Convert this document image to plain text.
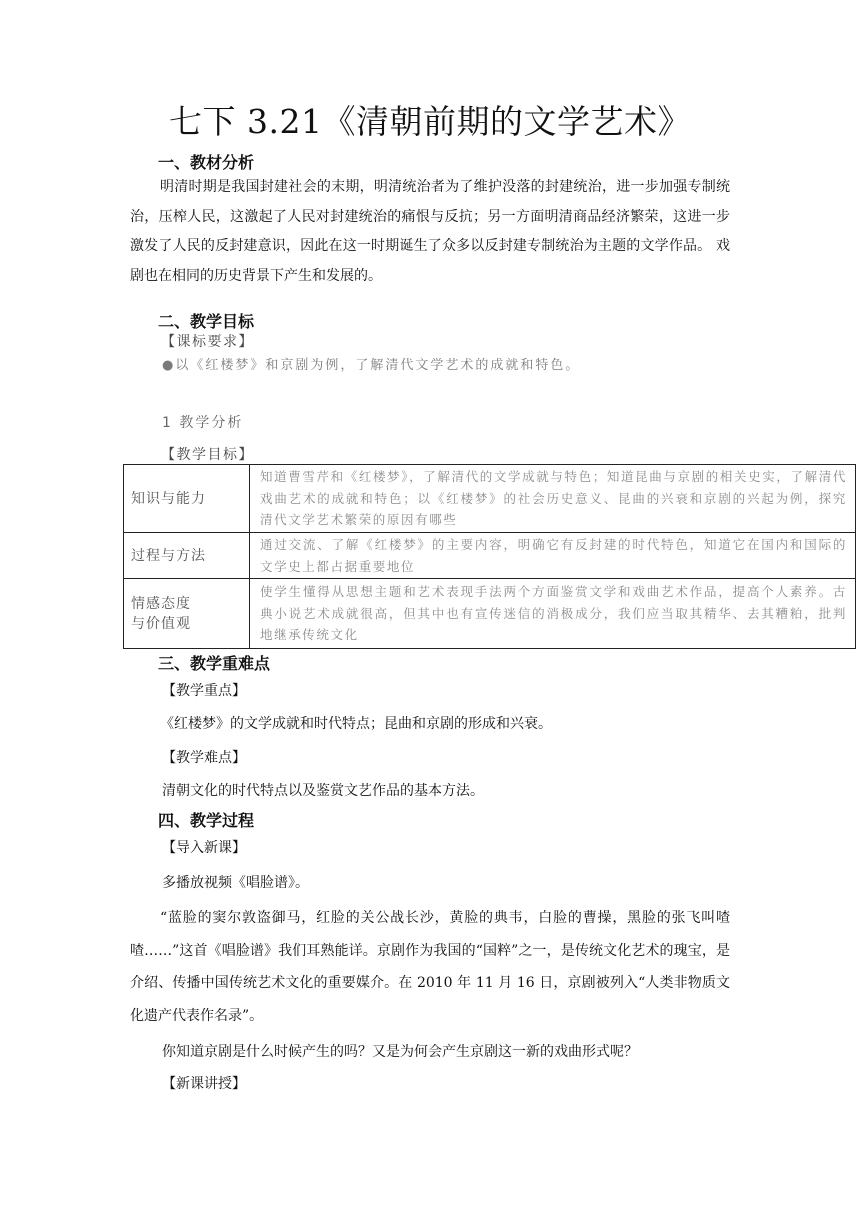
七下 3.21《清朝前期的文学艺术》
一、教材分析
明清时期是我国封建社会的末期，明清统治者为了维护没落的封建统治，进一步加强专制统治，压榨人民，这激起了人民对封建统治的痛恨与反抗；另一方面明清商品经济繁荣，这进一步激发了人民的反封建意识，因此在这一时期诞生了众多以反封建专制统治为主题的文学作品。 戏剧也在相同的历史背景下产生和发展的。
二、教学目标
【课标要求】
●以《红楼梦》和京剧为例，了解清代文学艺术的成就和特色。
1 教学分析
【教学目标】
知识与能力	知道曹雪芹和《红楼梦》，了解清代的文学成就与特色；知道昆曲与京剧的相关史实，了解清代戏曲艺术的成就和特色；以《红楼梦》的社会历史意义、昆曲的兴衰和京剧的兴起为例，探究清代文学艺术繁荣的原因有哪些
过程与方法	通过交流、了解《红楼梦》的主要内容，明确它有反封建的时代特色，知道它在国内和国际的文学史上都占据重要地位
情感态度
与价值观	使学生懂得从思想主题和艺术表现手法两个方面鉴赏文学和戏曲艺术作品，提高个人素养。古典小说艺术成就很高，但其中也有宣传迷信的消极成分，我们应当取其精华、去其糟粕，批判地继承传统文化
三、教学重难点
【教学重点】
《红楼梦》的文学成就和时代特点；昆曲和京剧的形成和兴衰。
【教学难点】
清朝文化的时代特点以及鉴赏文艺作品的基本方法。
四、教学过程
【导入新课】
多播放视频《唱脸谱》。
“蓝脸的窦尔敦盗御马，红脸的关公战长沙，黄脸的典韦，白脸的曹操，黑脸的张飞叫喳喳……”这首《唱脸谱》我们耳熟能详。京剧作为我国的“国粹”之一，是传统文化艺术的瑰宝，是介绍、传播中国传统艺术文化的重要媒介。在 2010 年 11 月 16 日，京剧被列入“人类非物质文化遗产代表作名录”。
你知道京剧是什么时候产生的吗？又是为何会产生京剧这一新的戏曲形式呢？
【新课讲授】
